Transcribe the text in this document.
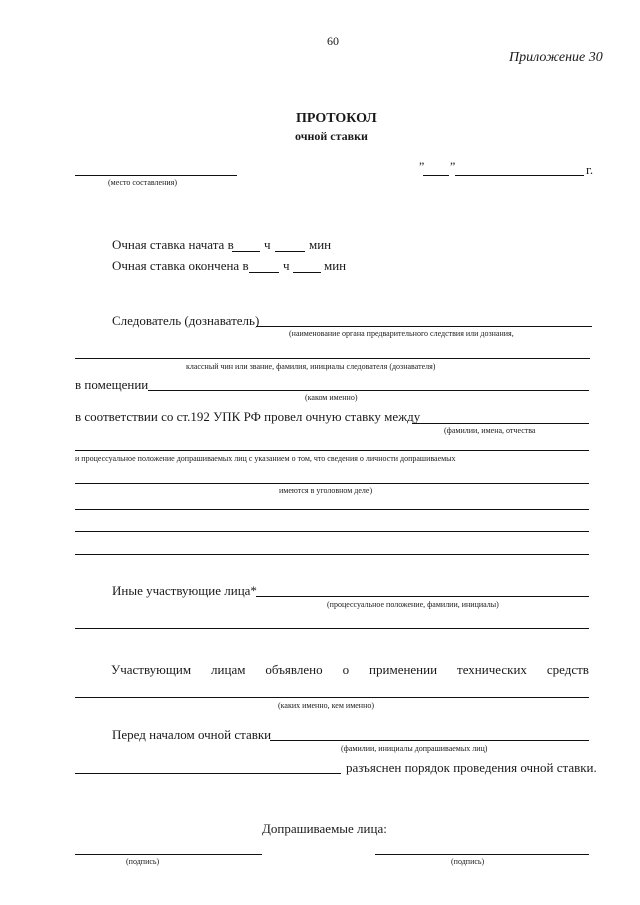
60
Приложение 30
ПРОТОКОЛ
очной ставки
(место составления)
” ”	г.
Очная ставка начата в ч	мин
Очная ставка окончена в	ч	мин
Следователь (дознаватель)
(наименование органа предварительного следствия или дознания,
классный чин или звание, фамилия, инициалы следователя (дознавателя)
в помещении
(каком именно)
в соответствии со ст.192 УПК РФ провел очную ставку между
(фамилии, имена, отчества
и процессуальное положение допрашиваемых лиц с указанием о том, что сведения о личности допрашиваемых
имеются в уголовном деле)
Иные участвующие лица*
(процессуальное положение, фамилии, инициалы)
Участвующим лицам объявлено о применении технических средств
(каких именно, кем именно)
Перед началом очной ставки
(фамилии, инициалы допрашиваемых лиц)
разъяснен порядок проведения очной ставки.
Допрашиваемые лица:
(подпись)	(подпись)
